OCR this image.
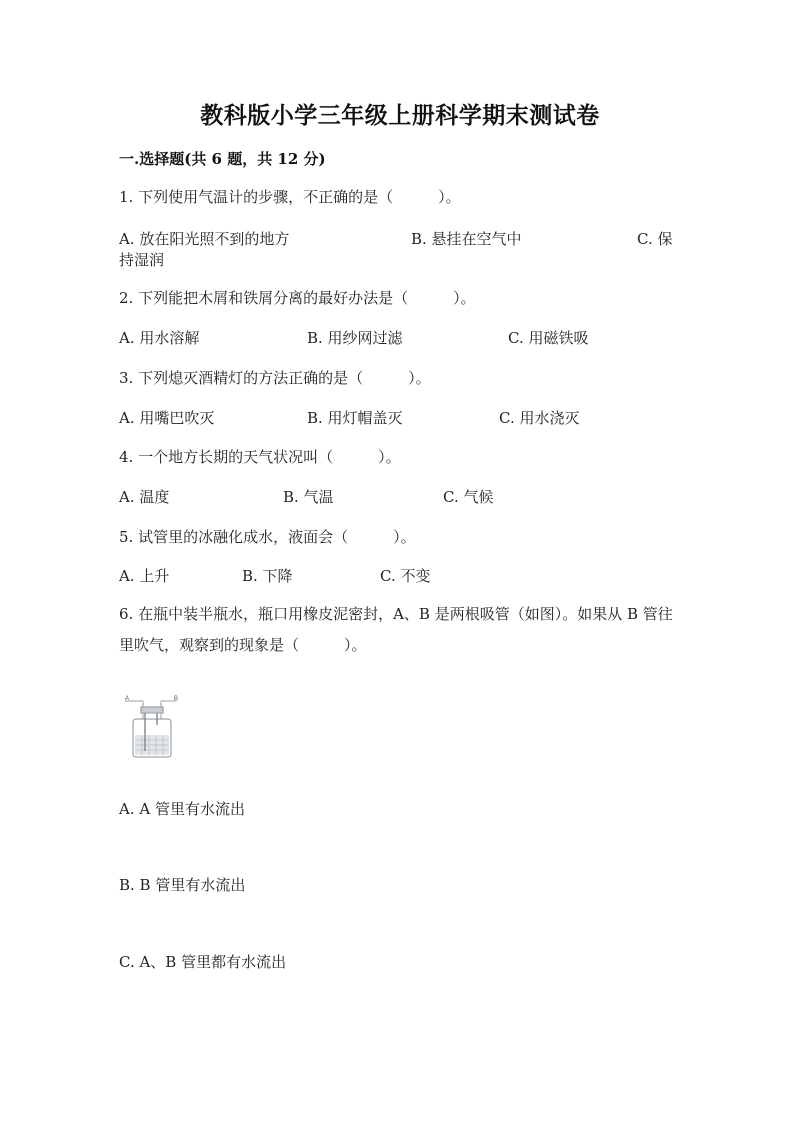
教科版小学三年级上册科学期末测试卷
一.选择题(共 6 题，共 12 分)
1. 下列使用气温计的步骤，不正确的是（　　　）。
A. 放在阳光照不到的地方	B. 悬挂在空气中	C. 保
持湿润
2. 下列能把木屑和铁屑分离的最好办法是（　　　）。
A. 用水溶解	B. 用纱网过滤	C. 用磁铁吸
3. 下列熄灭酒精灯的方法正确的是（　　　）。
A. 用嘴巴吹灭	B. 用灯帽盖灭	C. 用水浇灭
4. 一个地方长期的天气状况叫（　　　）。
A. 温度	B. 气温	C. 气候
5. 试管里的冰融化成水，液面会（　　　）。
A. 上升	B. 下降	C. 不变
6. 在瓶中装半瓶水，瓶口用橡皮泥密封，A、B 是两根吸管（如图）。如果从 B 管往里吹气，观察到的现象是（　　　）。
A	B
A. A 管里有水流出
B. B 管里有水流出
C. A、B 管里都有水流出
